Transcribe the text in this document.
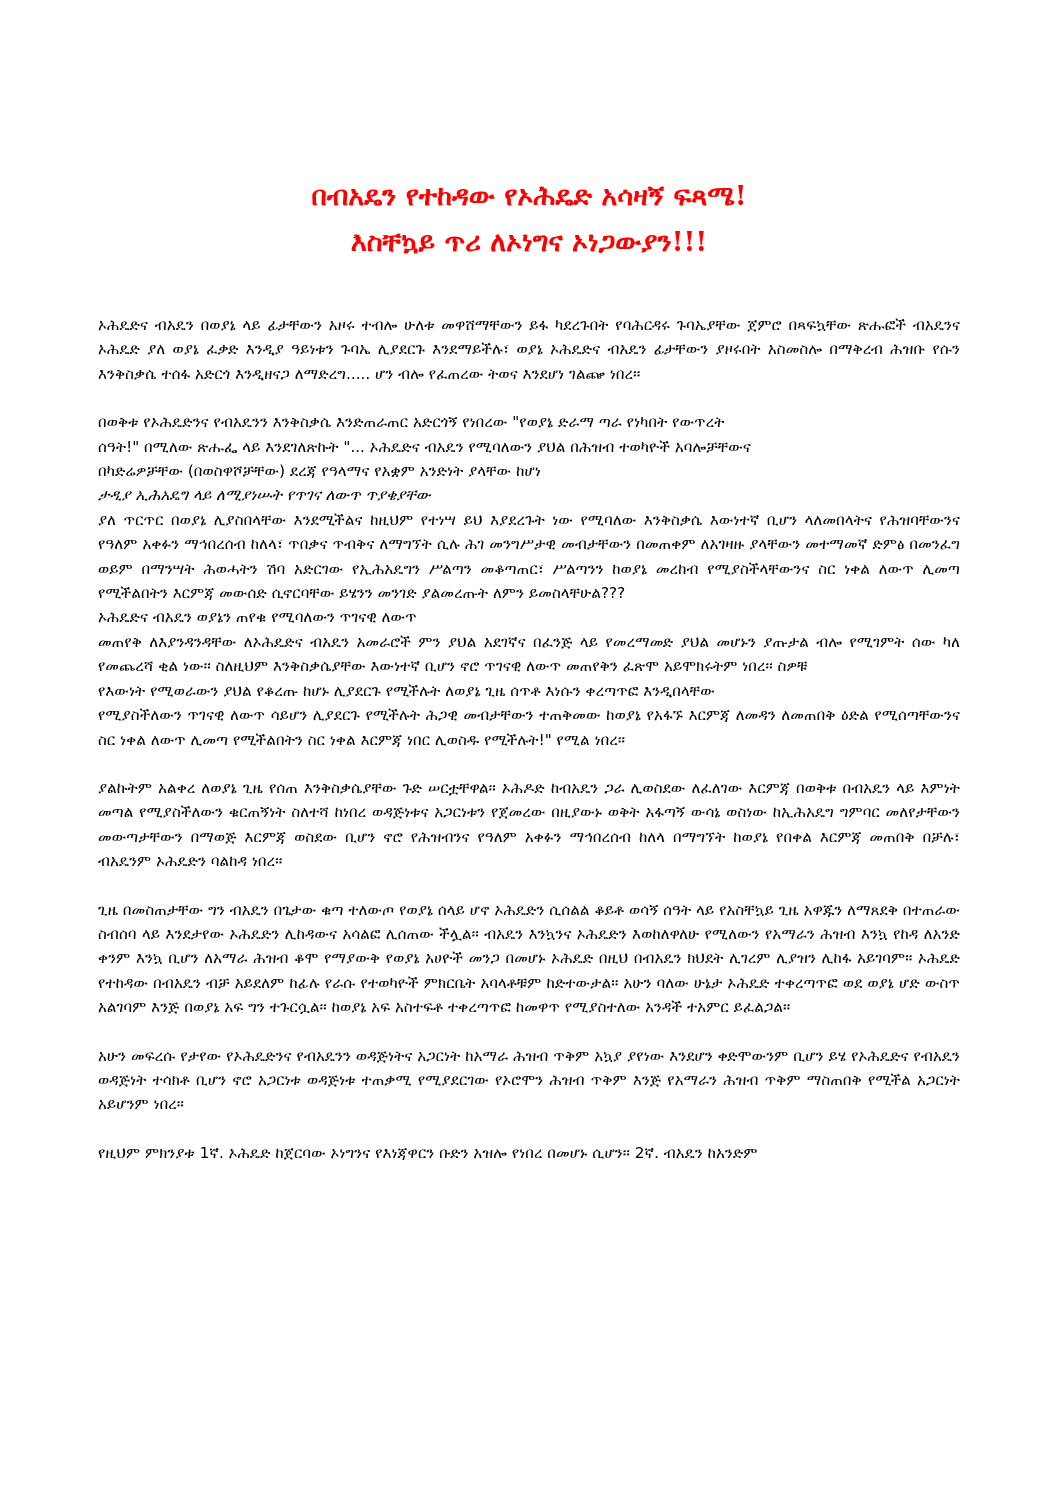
በብአዴን የተከዳው የኦሕዴድ አሳዛኝ ፍጻሜ!

እስቸኳይ ጥሪ ለኦነግና ኦነጋውያን!!!

ኦሕዴድና ብአዴን በወያኔ ላይ ፊታቸውን አዞሩ ተብሎ ሁለቱ መዋሸማቸውን ይፋ ካደረጉበት የባሕርዳሩ ጉባኤያቸው ጀምሮ በጻፍኳቸው ጽሑፎች ብአዴንና ኦሕዴድ ያለ ወያኔ ፈቃድ እንዲያ ዓይነቱን ጉባኤ ሊያደርጉ እንደማይችሉ፣ ወያኔ ኦሕዴድና ብአዴን ፊታቸውን ያዞሩበት አስመስሎ በማቅረብ ሕዝቡ የሱን እንቅስቃሴ ተሰፋ አድርጎ እንዲዘናጋ ለማድረግ..... ሆን ብሎ የፈጠረው ትወና እንደሆነ ገልጬ ነበረ፡፡

በወቅቱ የኦሕዴድንና የብአዴንን እንቅስቃሴ እንድጠራጠር አድርጎኝ የነበረው "የወያኔ ድራማ ጣራ የነካበት የውጥረት

ሰዓት!" በሚለው ጽሑፌ ላይ እንደገለጽኩት "... ኦሕዴድና ብአዴን የሚባለውን ያህል በሕዝብ ተወካዮች አባሎቻቸውና

በካድሬዎቻቸው (በወስዋሾቻቸው) ደረጃ የዓላማና የአቋም አንድነት ያላቸው ከሆነ

ታዲያ ኢሕአዴግ ላይ ለሚያነሡት የጥገና ለውጥ ጥያቄያቸው

ያለ ጥርጥር በወያኔ ሊያስበላቸው እንደሚችልና ከዚህም የተነሣ ይህ እያደረጉት ነው የሚባለው እንቅስቃሴ እውነተኛ ቢሆን ላለመበላትና የሕዝባቸውንና የዓለም አቀፉን ማኅበረሰብ ከለላ፣ ጥበቃና ጥብቅና ለማግኘት ሲሉ ሕገ መንግሥታዊ መብታቸውን በመጠቀም ለአገዛዙ ያላቸውን መተማመኛ ድምፅ በመንፈግ ወይም በማንሣት ሕወሓትን ሽባ አድርገው የኢሕአዴግን ሥልጣን መቆጣጠር፣ ሥልጣንን ከወያኔ መረከብ የሚያስችላቸውንና ስር ነቀል ለውጥ ሊመጣ የሚችልበትን እርምጃ መውሰድ ሲኖርባቸው ይሄንን መንገድ ያልመረጡት ለምን ይመስላቸሁል???

ኦሕዴድና ብአዴን ወያኔን ጠየቁ የሚባለውን ጥገናዊ ለውጥ

መጠየቅ ለእያንዳንዳቸው ለኦሕዴድና ብአዴን አመራሮች ምን ያህል አደገኛና በፈንጅ ላይ የመረማመድ ያህል መሆኑን ያጡታል ብሎ የሚገምት ሰው ካለ የመጨረሻ ቂል ነው፡፡ ስለዚህም እንቅስቃሴያቸው እውነተኛ ቢሆን ኖሮ ጥገናዊ ለውጥ መጠየቅን ፈጽሞ አይሞክሩትም ነበረ፡፡ ስዎቹ

የእውነት የሚወራውን ያህል የቆረጡ ከሆኑ ሊያደርጉ የሚችሉት ለወያኔ ጊዜ ሰጥቶ እነሱን ቀረጣጥፎ እንዲበላቸው

የሚያስችለውን ጥገናዊ ለውጥ ሳይሆን ሊያደርጉ የሚችሉት ሕጋዊ መብታቸውን ተጠቅመው ከወያኔ የአፋኙ እርምጃ ለመዳን ለመጠበቅ ዕድል የሚሰጣቸውንና ስር ነቀል ለውጥ ሊመጣ የሚችልበትን ስር ነቀል እርምጃ ነበር ሊወስዱ የሚችሉት!" የሚል ነበረ፡፡

ያልኩትም አልቀረ ለወያኔ ጊዜ የሰጠ እንቅስቃሴያቸው ጉድ ሠርቷቸዋል፡፡ ኦሕዶድ ከብአዴን ጋራ ሊወስደው ለፈለገው እርምጃ በወቅቱ በብአዴን ላይ እምነት መጣል የሚያስችለውን ቁርጠኝነት ስለተሻ ከነበረ ወዳጅነቱና አጋርነቱን የጀመረው በዚያውኑ ወቅት አፋጣኝ ውሳኔ ወስነው ከኢሕአዴግ ግምባር መለየታቸውን መውጣታቸውን በማወጅ እርምጃ ወስደው ቢሆን ኖሮ የሕዝብንና የዓለም አቀፉን ማኅበረሰብ ከለላ በማግኘት ከወያኔ የበቀል እርምጃ መጠበቅ በቻሉ፣ ብአዴንም ኦሕዴድን ባልከዳ ነበረ፡፡

ጊዜ በመስጠታቸው ግን ብአዴን በጌታው ቁጣ ተለውጦ የወያኔ ሰላይ ሆኖ ኦሕዴድን ሲሰልል ቆይቶ ወሳኝ ሰዓት ላይ የአስቸኳይ ጊዜ አዋጁን ለማጸደቅ በተጠራው ስብሰባ ላይ እንደታየው ኦሕዴድን ሊከዳውና አሳልፎ ሊሰጠው ችሏል፡፡ ብአዴን እንኳንና ኦሕዴድን እወከለዋለሁ የሚለውን የአማራን ሕዝብ እንኳ የከዳ ለአንድ ቀንም እንኳ ቢሆን ለአማራ ሕዝብ ቆሞ የማያውቅ የወያኔ አሀዮች መንጋ በመሆኑ ኦሕዴድ በዚህ በብአዴን ክህደት ሊገረም ሊያዝን ሊከፋ አይገባም፡፡ ኦሕዴድ የተከዳው በብአዴን ብቻ አይደለም ከፊሉ የራሱ የተወካዮች ምክርቤት አባላቶቹም ከድተውታል፡፡ አሁን ባለው ሁኔታ ኦሕዴድ ተቀረጣጥፎ ወደ ወያኔ ሆድ ውስጥ አልገባም እንጅ በወያኔ አፍ ግን ተጉርሷል፡፡ ከወያኔ አፍ አስተፍቶ ተቀረጣጥፎ ከመዋጥ የሚያስተለው አንዳች ተአምር ይፈልጋል፡፡

አሁን መፍረሱ የታየው የኦሕዴድንና የብአዴንን ወዳጅነትና አጋርነት ከአማራ ሕዝብ ጥቅም አኳያ ያየነው እንደሆን ቀድሞውንም ቢሆን ይሄ የኦሕዴድና የብአዴን ወዳጅነት ተሳክቶ ቢሆን ኖሮ አጋርነቱ ወዳጅነቱ ተጠቃሚ የሚያደርገው የኦሮሞን ሕዝብ ጥቅም እንጅ የአማራን ሕዝብ ጥቅም ማስጠበቅ የሚችል አጋርነት አይሆንም ነበረ፡፡

የዚህም ምክንያቱ 1ኛ. ኦሕዴድ ከጀርባው ኦነግንና የእነጃዋርን ቡድን አዝሎ የነበረ በመሆኑ ሲሆን፡፡ 2ኛ. ብአዴን ከአንድም
